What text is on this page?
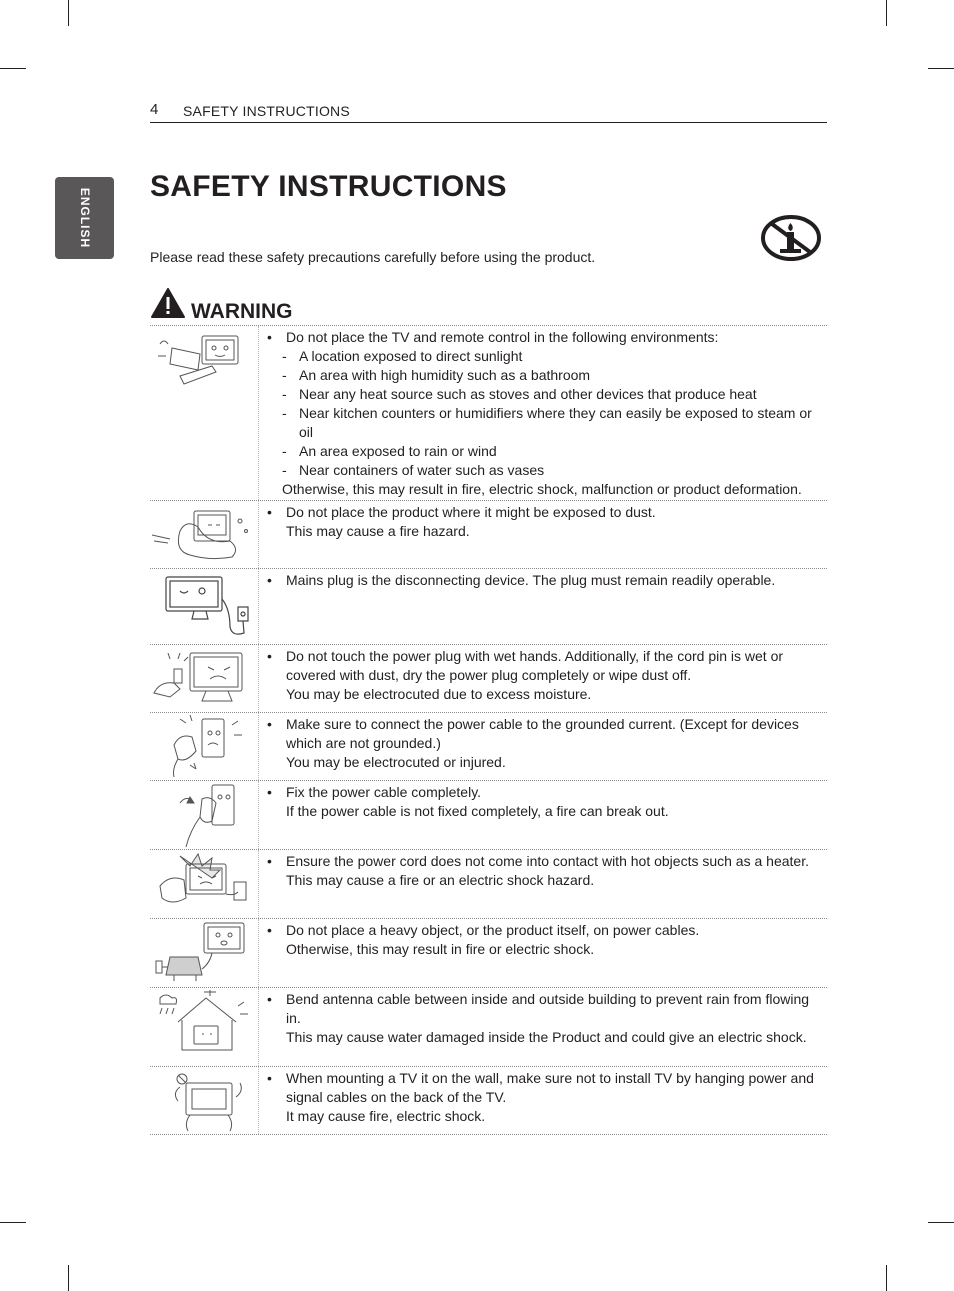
4 SAFETY INSTRUCTIONS
ENGLISH
SAFETY INSTRUCTIONS
Please read these safety precautions carefully before using the product.
WARNING
• Do not place the TV and remote control in the following environments:
- A location exposed to direct sunlight
- An area with high humidity such as a bathroom
- Near any heat source such as stoves and other devices that produce heat
- Near kitchen counters or humidifiers where they can easily be exposed to steam or oil
- An area exposed to rain or wind
- Near containers of water such as vases
Otherwise, this may result in fire, electric shock, malfunction or product deformation.
• Do not place the product where it might be exposed to dust.
This may cause a fire hazard.
• Mains plug is the disconnecting device. The plug must remain readily operable.
• Do not touch the power plug with wet hands. Additionally, if the cord pin is wet or covered with dust, dry the power plug completely or wipe dust off.
You may be electrocuted due to excess moisture.
• Make sure to connect the power cable to the grounded current. (Except for devices which are not grounded.)
You may be electrocuted or injured.
• Fix the power cable completely.
If the power cable is not fixed completely, a fire can break out.
• Ensure the power cord does not come into contact with hot objects such as a heater.
This may cause a fire or an electric shock hazard.
• Do not place a heavy object, or the product itself, on power cables.
Otherwise, this may result in fire or electric shock.
• Bend antenna cable between inside and outside building to prevent rain from flowing in.
This may cause water damaged inside the Product and could give an electric shock.
• When mounting a TV it on the wall, make sure not to install TV by hanging power and signal cables on the back of the TV.
It may cause fire, electric shock.
